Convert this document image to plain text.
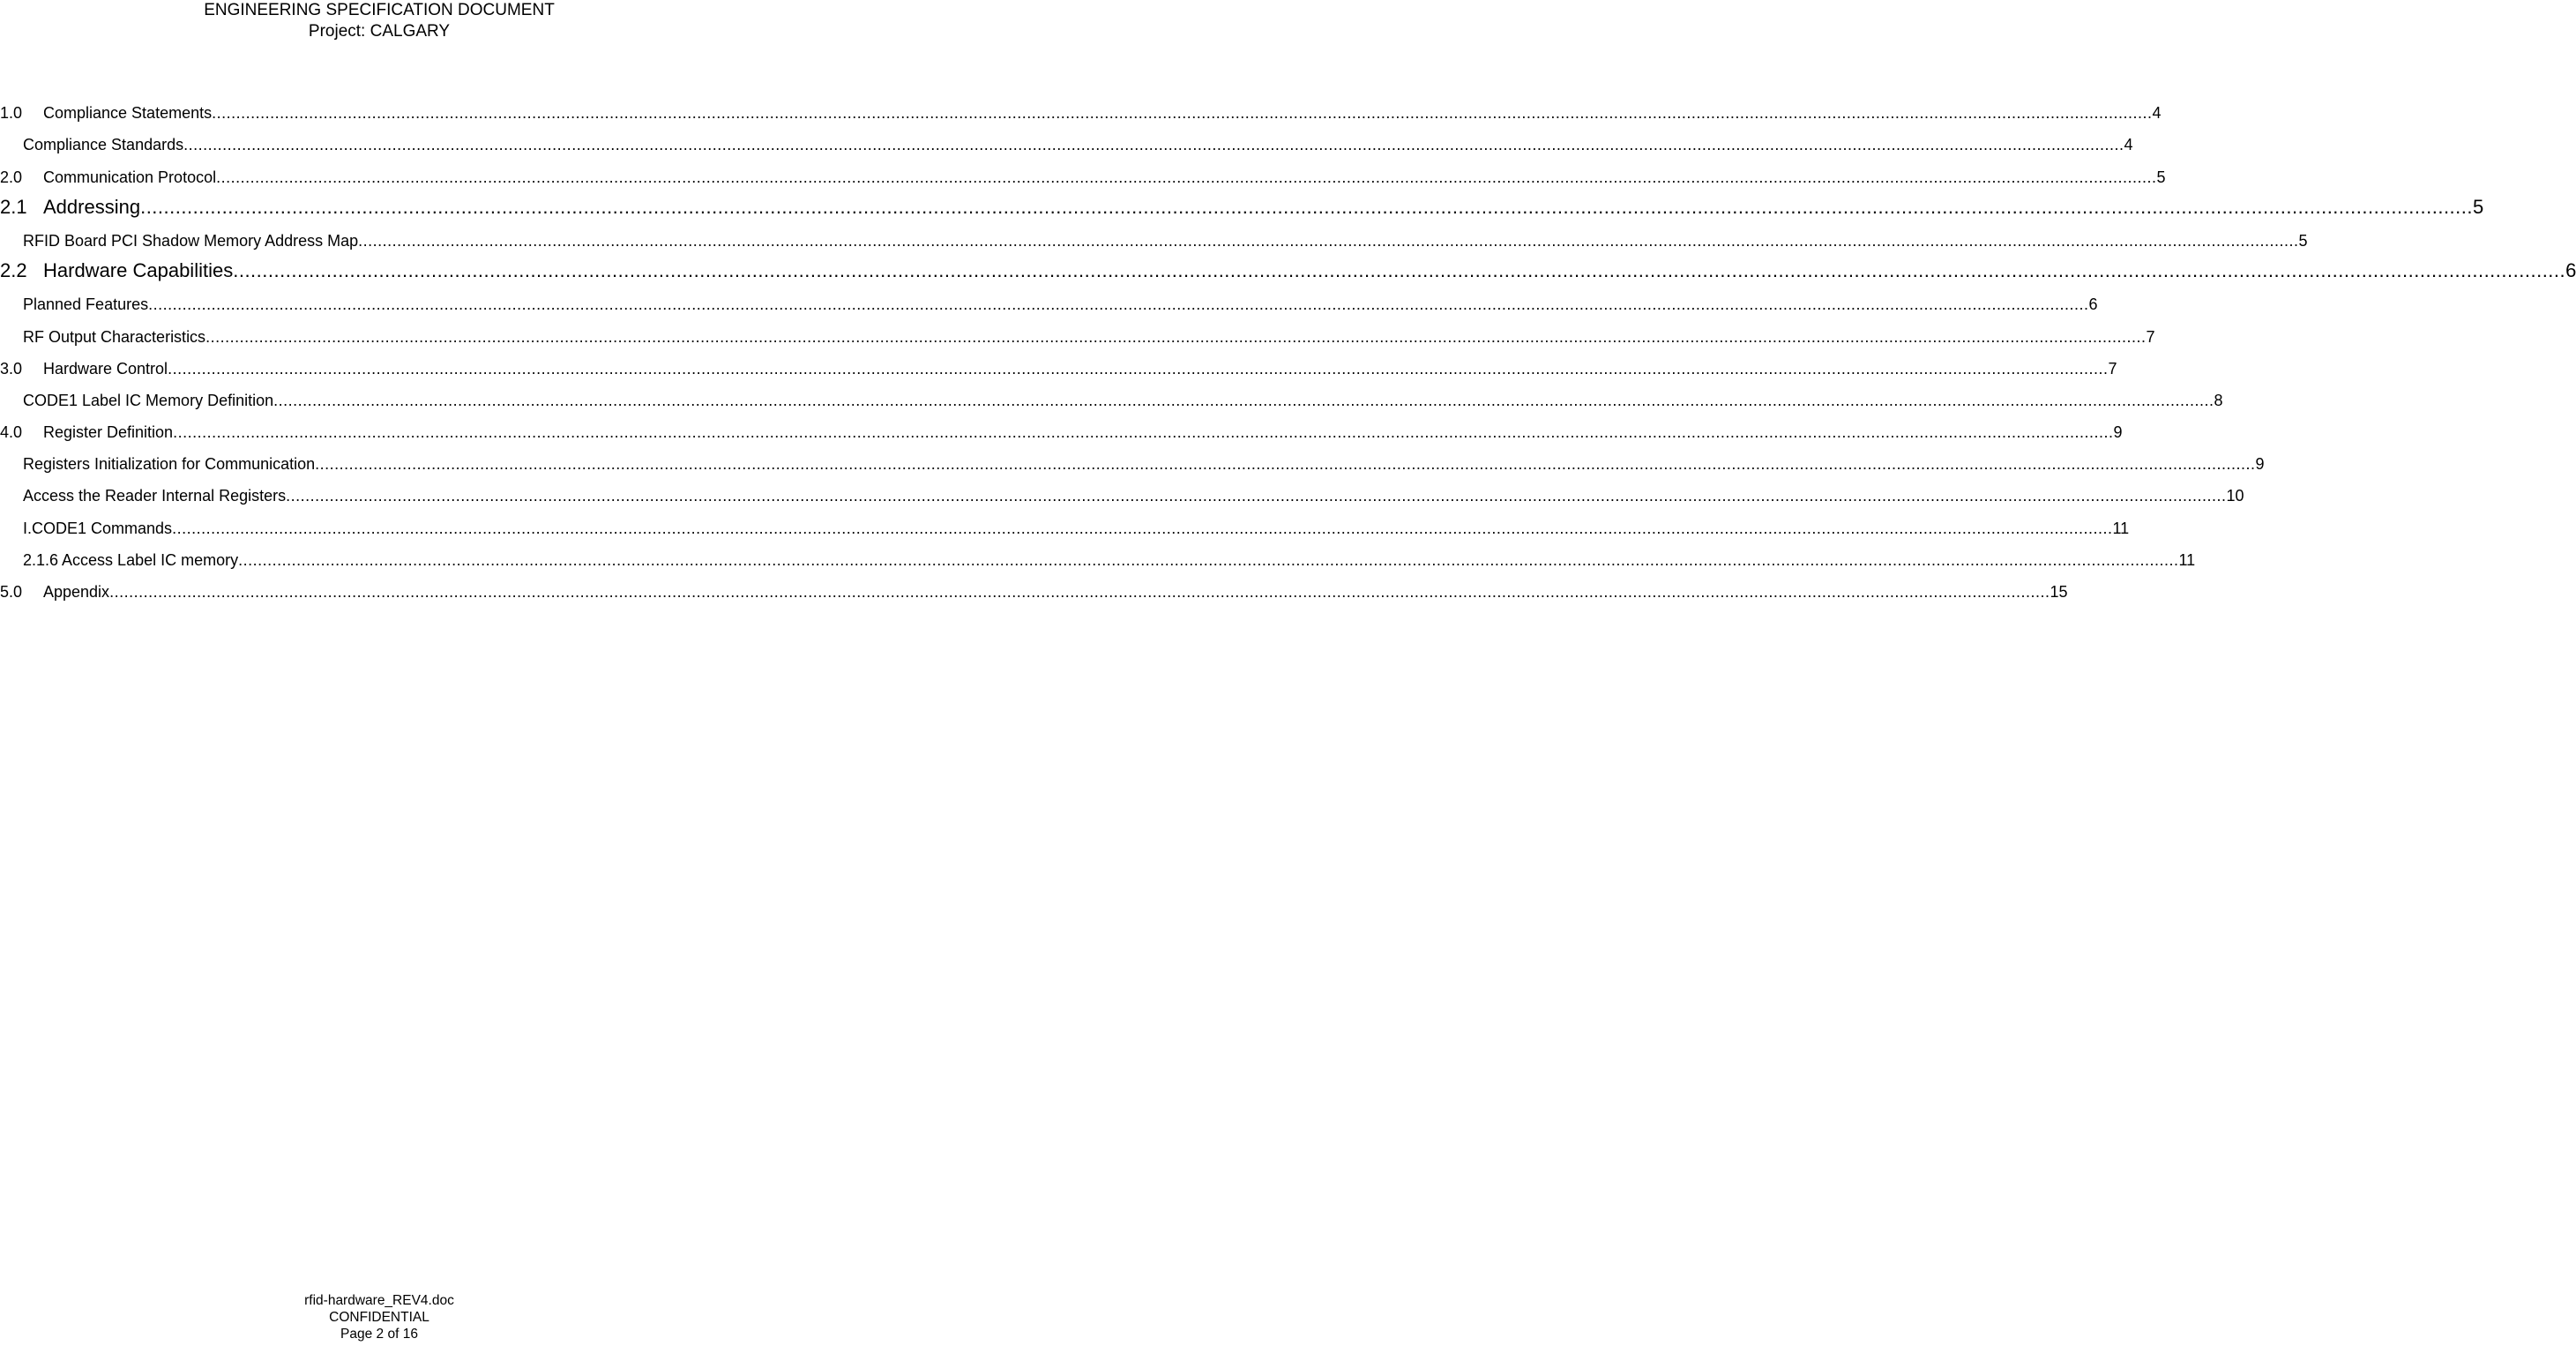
ENGINEERING SPECIFICATION DOCUMENT
Project: CALGARY
1.0	Compliance Statements ................................................................................................................................................................................................................................................................................................................................................................................................................ 4
Compliance Standards ................................................................................................................................................................................................................................................................................................................................................................................................................ 4
2.0	Communication Protocol ................................................................................................................................................................................................................................................................................................................................................................................................................ 5
2.1 Addressing ................................................................................................................................................................................................................................................................................................................................................................................................................ 5
RFID Board PCI Shadow Memory Address Map ................................................................................................................................................................................................................................................................................................................................................................................................................ 5
2.2 Hardware Capabilities ................................................................................................................................................................................................................................................................................................................................................................................................................ 6
Planned Features ................................................................................................................................................................................................................................................................................................................................................................................................................ 6
RF Output Characteristics ................................................................................................................................................................................................................................................................................................................................................................................................................ 7
3.0	Hardware Control ................................................................................................................................................................................................................................................................................................................................................................................................................ 7
CODE1 Label IC Memory Definition ................................................................................................................................................................................................................................................................................................................................................................................................................ 8
4.0	Register Definition ................................................................................................................................................................................................................................................................................................................................................................................................................ 9
Registers Initialization for Communication ................................................................................................................................................................................................................................................................................................................................................................................................................ 9
Access the Reader Internal Registers ................................................................................................................................................................................................................................................................................................................................................................................................................ 10
I.CODE1 Commands ................................................................................................................................................................................................................................................................................................................................................................................................................ 11
2.1.6 Access Label IC memory ................................................................................................................................................................................................................................................................................................................................................................................................................ 11
5.0	Appendix ................................................................................................................................................................................................................................................................................................................................................................................................................ 15
rfid-hardware_REV4.doc
CONFIDENTIAL
Page 2 of 16
